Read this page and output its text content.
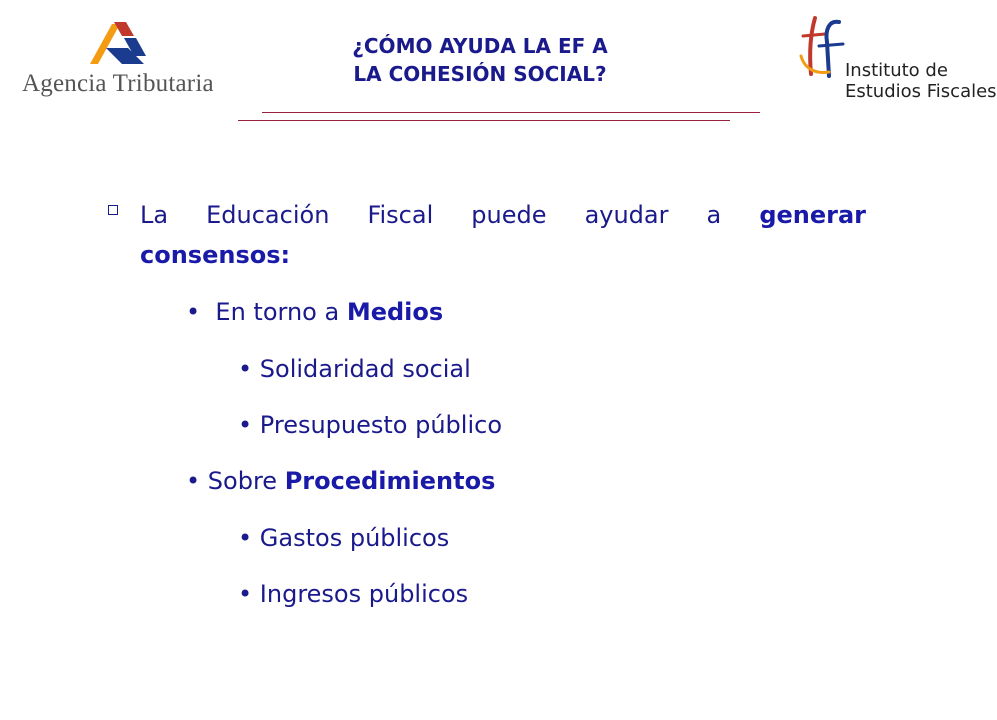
Agencia Tributaria
¿CÓMO AYUDA LA EF A
LA COHESIÓN SOCIAL?	Instituto de
Estudios Fiscales
La Educación Fiscal puede ayudar a generar
consensos:
• En torno a Medios
• Solidaridad social
• Presupuesto público
• Sobre Procedimientos
• Gastos públicos
• Ingresos públicos
